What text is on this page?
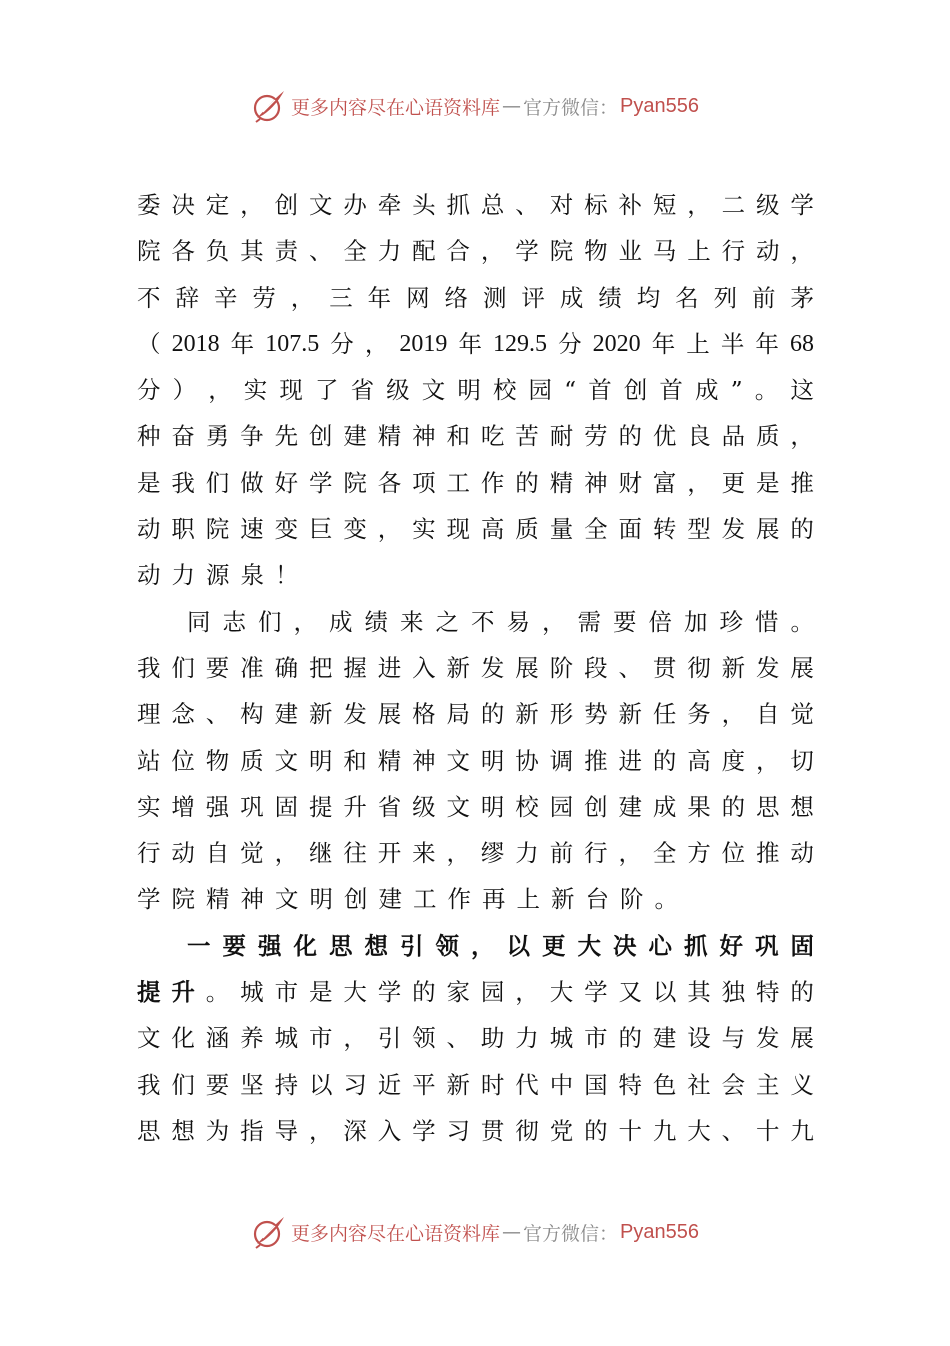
更多内容尽在心语资料库 — 官方微信： Pyan556
委 决 定 ， 创 文 办 牵 头 抓 总 、 对 标 补 短 ， 二 级 学
院 各 负 其 责 、 全 力 配 合 ， 学 院 物 业 马 上 行 动 ，
不 辞 辛 劳 ， 三 年 网 络 测 评 成 绩 均 名 列 前 茅
（ 2018 年 107.5 分 ， 2019 年 129.5 分 2020 年 上 半 年 68
分 ） ， 实 现 了 省 级 文 明 校 园 “ 首 创 首 成 ” 。 这
种 奋 勇 争 先 创 建 精 神 和 吃 苦 耐 劳 的 优 良 品 质 ，
是 我 们 做 好 学 院 各 项 工 作 的 精 神 财 富 ， 更 是 推
动 职 院 速 变 巨 变 ， 实 现 高 质 量 全 面 转 型 发 展 的
动 力 源 泉 ！
同 志 们 ， 成 绩 来 之 不 易 ， 需 要 倍 加 珍 惜 。
我 们 要 准 确 把 握 进 入 新 发 展 阶 段 、 贯 彻 新 发 展
理 念 、 构 建 新 发 展 格 局 的 新 形 势 新 任 务 ， 自 觉
站 位 物 质 文 明 和 精 神 文 明 协 调 推 进 的 高 度 ， 切
实 增 强 巩 固 提 升 省 级 文 明 校 园 创 建 成 果 的 思 想
行 动 自 觉 ， 继 往 开 来 ， 缪 力 前 行 ， 全 方 位 推 动
学 院 精 神 文 明 创 建 工 作 再 上 新 台 阶 。
一 要 强 化 思 想 引 领 ， 以 更 大 决 心 抓 好 巩 固
提 升 。 城 市 是 大 学 的 家 园 ， 大 学 又 以 其 独 特 的
文 化 涵 养 城 市 ， 引 领 、 助 力 城 市 的 建 设 与 发 展
我 们 要 坚 持 以 习 近 平 新 时 代 中 国 特 色 社 会 主 义
思 想 为 指 导 ， 深 入 学 习 贯 彻 党 的 十 九 大 、 十 九
更多内容尽在心语资料库 — 官方微信： Pyan556
